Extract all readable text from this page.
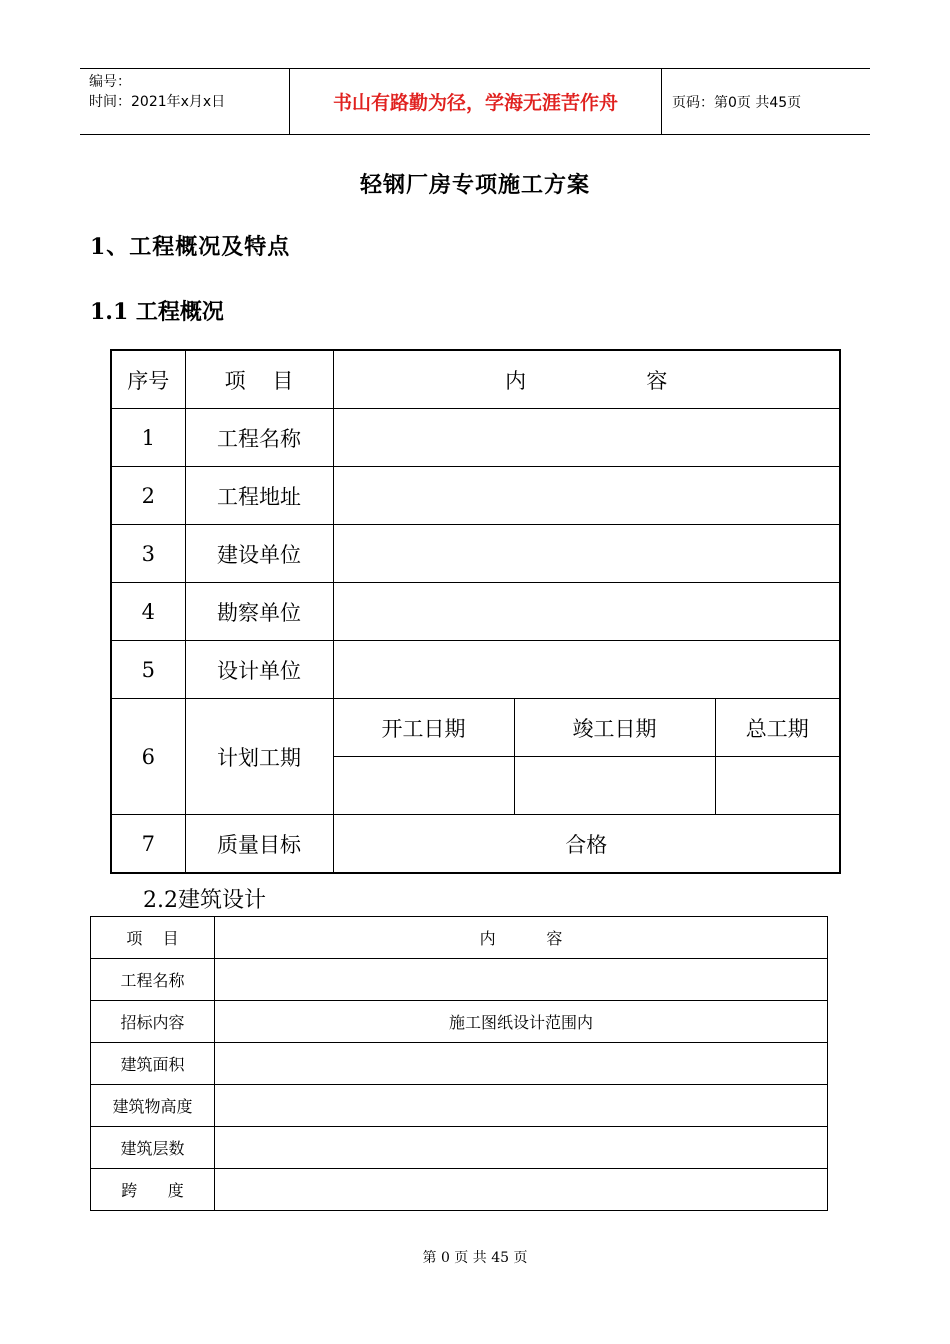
编号：
时间：2021年x月x日	书山有路勤为径，学海无涯苦作舟	页码：第0页 共45页
轻钢厂房专项施工方案
1、工程概况及特点
1.1 工程概况
序号	项    目	内                  容		
1	工程名称			
2	工程地址			
3	建设单位			
4	勘察单位			
5	设计单位			
6	计划工期	开工日期	竣工日期	总工期

7	质量目标	合格		
2.2建筑设计
项    目	内          容
工程名称	
招标内容	施工图纸设计范围内
建筑面积	
建筑物高度	
建筑层数	
跨      度	
第 0 页 共 45 页
